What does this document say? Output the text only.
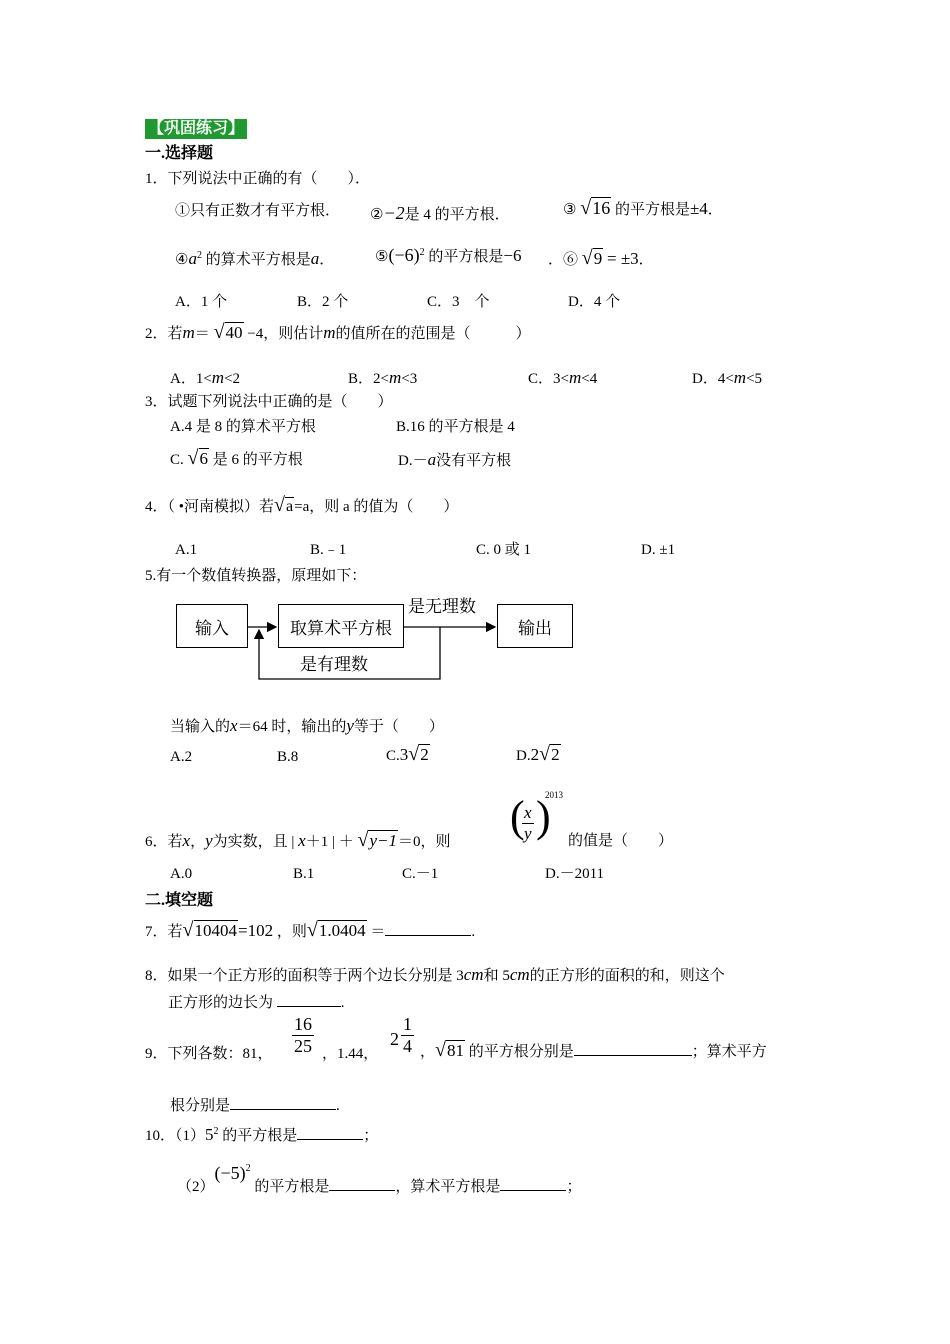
【巩固练习】
一.选择题
1．下列说法中正确的有（　　）．
①只有正数才有平方根． ②−2是 4 的平方根．	③ √16 的平方根是±4．
$④a^2$ 的算术平方根是a．	$⑤(-6)^2$ 的平方根是−6 ．⑥ √9 = ±3．
A．1 个	B．2 个	C．3　个	D．4 个
2．若m＝ √40 −4，则估计m的值所在的范围是（　　　）
A．1<m<2	B．2<m<3	C．3<m<4	D．4<m<5
3．试题下列说法中正确的是（　　）
A.4 是 8 的算术平方根	B.16 的平方根是 4
C. √6 是 6 的平方根	D.－a没有平方根
4．（ •河南模拟）若√a=a，则 a 的值为（　　）
A.1	B.﹣1	C. 0 或 1	D. ±1
5.有一个数值转换器，原理如下：
输入	取算术平方根	输出
是无理数
是有理数
当输入的x＝64 时，输出的y等于（　　）
A.2	B.8	C.3√2	D.2√2
6．若x，y为实数，且 | x＋1 | ＋ √y−1＝0，则
(
$\frac{x}{y}$ )
2013
的值是（　　）
A.0	B.1	C.－1	D.－2011
二.填空题
7．若√10404=102 ，则√1.0404 ＝	.
8．如果一个正方形的面积等于两个边长分别是 3cm和 5cm的正方形的面积的和，则这个
正方形的边长为	.
9．下列各数：81， $\frac{16}{25}$ ，1.44，
$2 \frac{1}{4}$ ，√81 的平方根分别是	；算术平方
根分别是	.
10．$(1)5^2$ 的平方根是	；
$(2)(-5)^2$ 的平方根是	，算术平方根是	；
